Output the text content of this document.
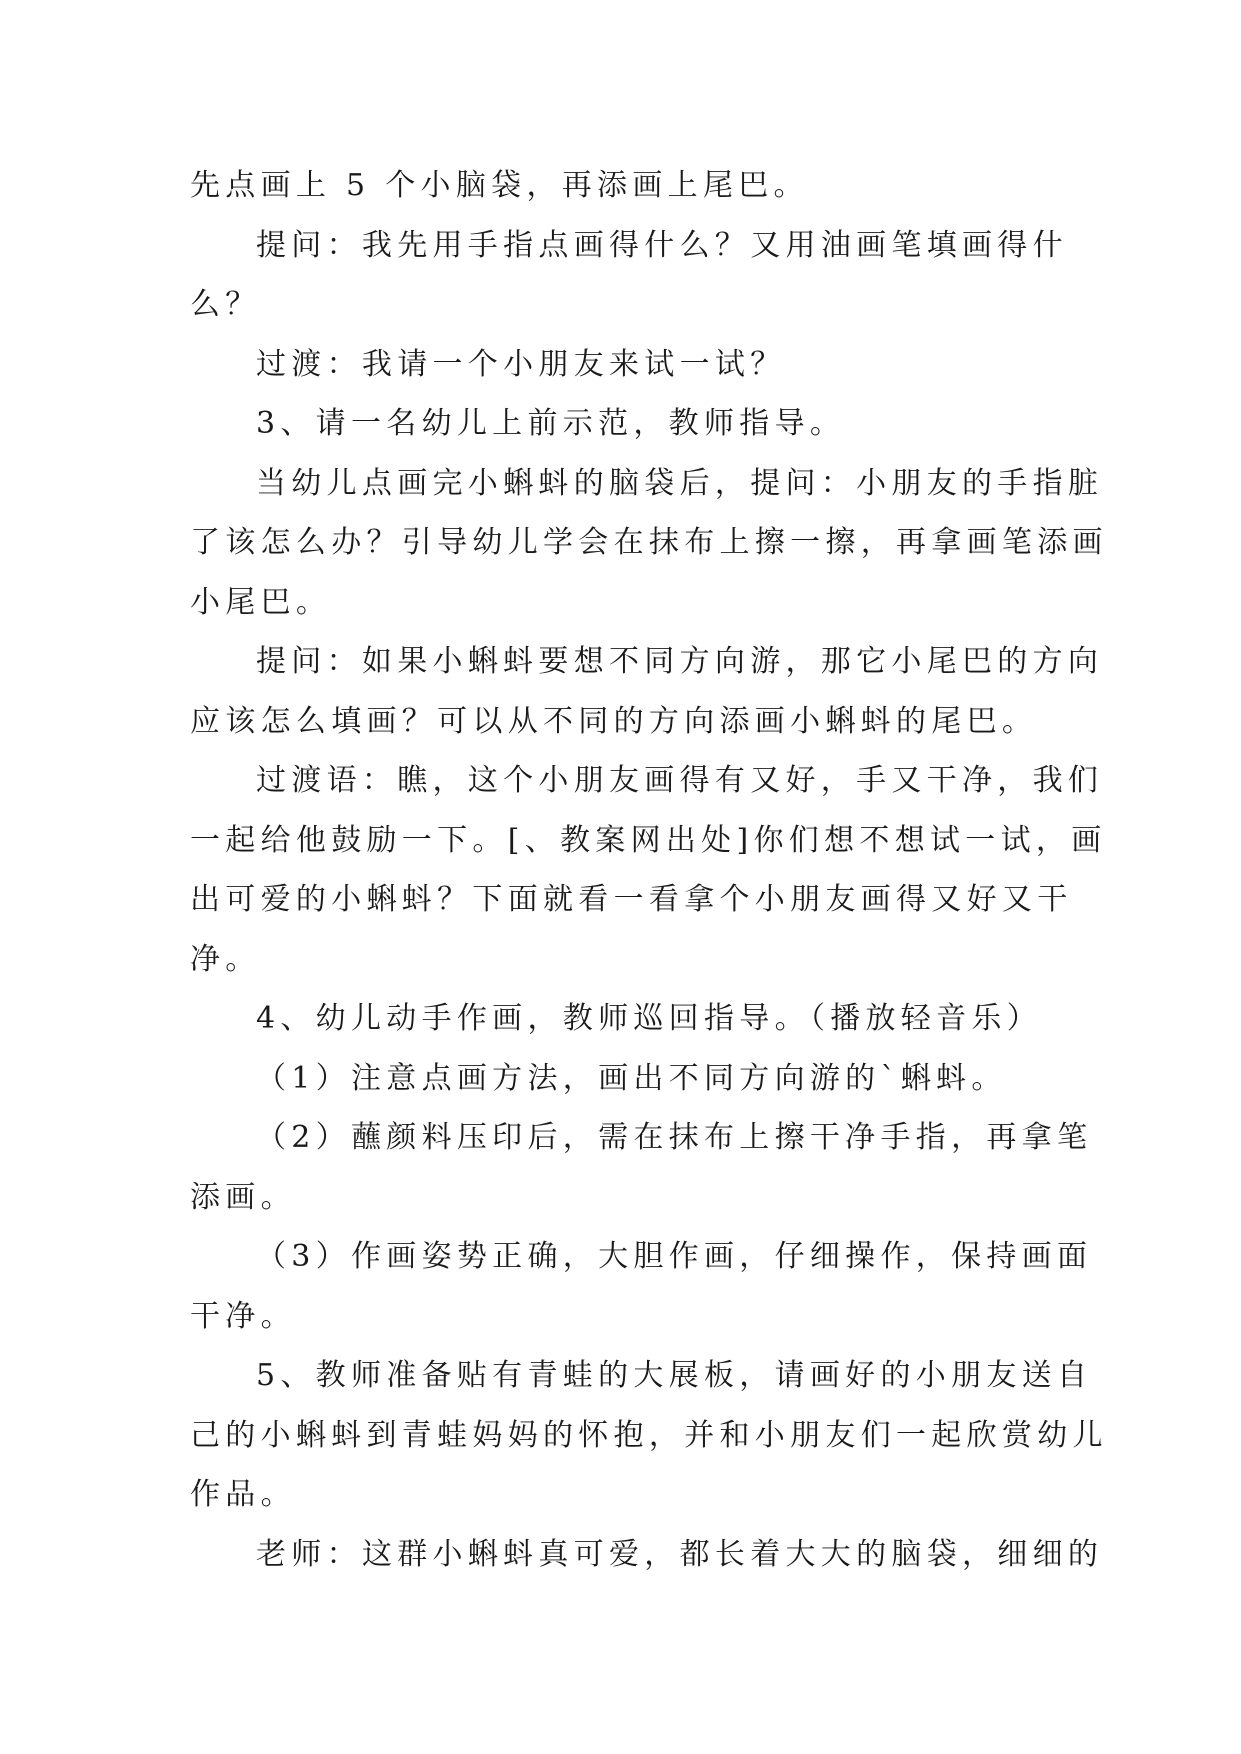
先点画上 5 个小脑袋，再添画上尾巴。
提问：我先用手指点画得什么？又用油画笔填画得什
么？
过渡：我请一个小朋友来试一试？
3、请一名幼儿上前示范，教师指导。
当幼儿点画完小蝌蚪的脑袋后，提问：小朋友的手指脏
了该怎么办？引导幼儿学会在抹布上擦一擦，再拿画笔添画
小尾巴。
提问：如果小蝌蚪要想不同方向游，那它小尾巴的方向
应该怎么填画？可以从不同的方向添画小蝌蚪的尾巴。
过渡语：瞧，这个小朋友画得有又好，手又干净，我们
一起给他鼓励一下。[、教案网出处]你们想不想试一试，画
出可爱的小蝌蚪？下面就看一看拿个小朋友画得又好又干
净。
4、幼儿动手作画，教师巡回指导。（播放轻音乐）
（1）注意点画方法，画出不同方向游的`蝌蚪。
（2）蘸颜料压印后，需在抹布上擦干净手指，再拿笔
添画。
（3）作画姿势正确，大胆作画，仔细操作，保持画面
干净。
5、教师准备贴有青蛙的大展板，请画好的小朋友送自
己的小蝌蚪到青蛙妈妈的怀抱，并和小朋友们一起欣赏幼儿
作品。
老师：这群小蝌蚪真可爱，都长着大大的脑袋，细细的
